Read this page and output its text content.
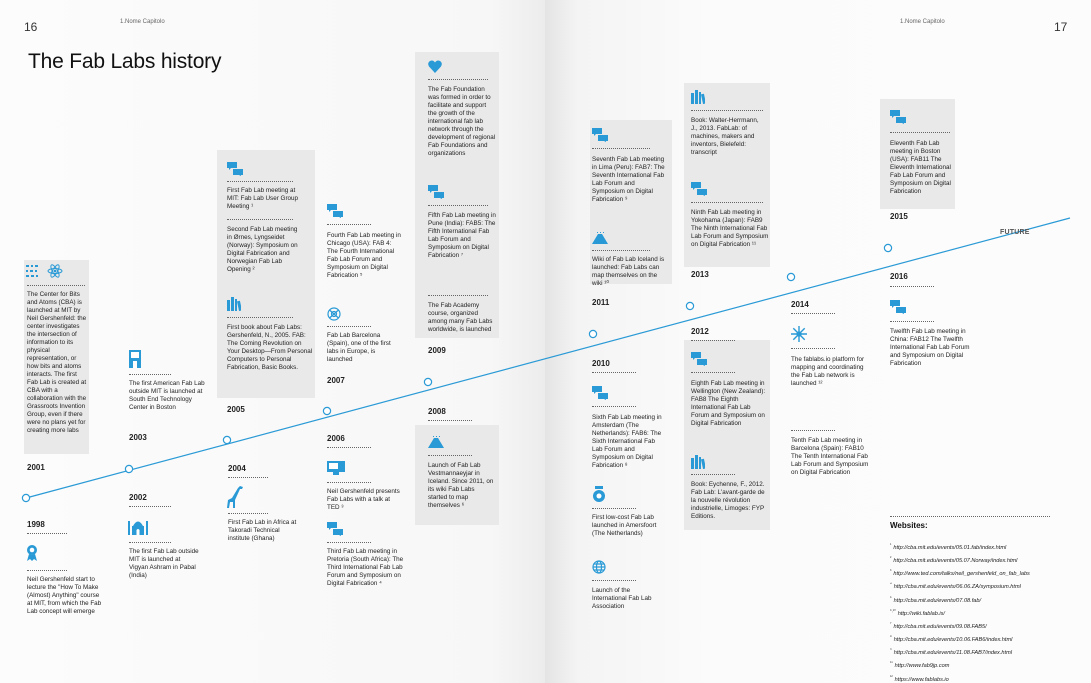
16	17
1.Nome Capitolo	1.Nome Capitolo
The Fab Labs history
FUTURE
1998
Neil Gershenfeld start to lecture the "How To Make (Almost) Anything" course at MIT, from which the Fab Lab concept will emerge
The Center for Bits and Atoms (CBA) is launched at MIT by Neil Gershenfeld: the center investigates the intersection of information to its physical representation, or how bits and atoms interacts. The first Fab Lab is created at CBA with a collaboration with the Grassroots Invention Group, even if there were no plans yet for creating more labs
2001
2002
The first Fab Lab outside MIT is launched at Vigyan Ashram in Pabal (India)
The first American Fab Lab outside MIT is launched at South End Technology Center in Boston
2003
2004
First Fab Lab in Africa at Takoradi Technical institute (Ghana)
First Fab Lab meeting at MIT: Fab Lab User Group Meeting ¹
Second Fab Lab meeting in Ørnes, Lyngseidet (Norway): Symposium on Digital Fabrication and Norwegian Fab Lab Opening ²
First book about Fab Labs: Gershenfeld, N., 2005. FAB: The Coming Revolution on Your Desktop—From Personal Computers to Personal Fabrication, Basic Books.
2005
2006
Neil Gershenfeld presents Fab Labs with a talk at TED ³
Third Fab Lab meeting in Pretoria (South Africa): The Third International Fab Lab Forum and Symposium on Digital Fabrication ⁴
Fourth Fab Lab meeting in Chicago (USA): FAB 4: The Fourth International Fab Lab Forum and Symposium on Digital Fabrication ⁵
Fab Lab Barcelona (Spain), one of the first labs in Europe, is launched
2007
2008
Launch of Fab Lab Vestmannaeyjar in Iceland. Since 2011, on its wiki Fab Labs started to map themselves ⁶
The Fab Foundation was formed in order to facilitate and support the growth of the international fab lab network through the development of regional Fab Foundations and organizations
Fifth Fab Lab meeting in Pune (India): FAB5: The Fifth International Fab Lab Forum and Symposium on Digital Fabrication ⁷
The Fab Academy course, organized among many Fab Labs worldwide, is launched
2009
2010
Sixth Fab Lab meeting in Amsterdam (The Netherlands): FAB6: The Sixth International Fab Lab Forum and Symposium on Digital Fabrication ⁸
First low-cost Fab Lab launched in Amersfoort (The Netherlands)
Launch of the International Fab Lab Association
Seventh Fab Lab meeting in Lima (Peru): FAB7: The Seventh International Fab Lab Forum and Symposium on Digital Fabrication ⁹
Wiki of Fab Lab Iceland is launched: Fab Labs can map themselves on the wiki ¹⁰
2011
2012
Eighth Fab Lab meeting in Wellington (New Zealand): FAB8 The Eighth International Fab Lab Forum and Symposium on Digital Fabrication
Book: Eychenne, F., 2012. Fab Lab: L'avant-garde de la nouvelle révolution industrielle, Limoges: FYP Editions.
Book: Walter-Herrmann, J., 2013. FabLab: of machines, makers and inventors, Bielefeld: transcript
Ninth Fab Lab meeting in Yokohama (Japan): FAB9 The Ninth International Fab Lab Forum and Symposium on Digital Fabrication ¹¹
2013
2014
The fablabs.io platform for mapping and coordinating the Fab Lab network is launched ¹²
Tenth Fab Lab meeting in Barcelona (Spain): FAB10 The Tenth International Fab Lab Forum and Symposium on Digital Fabrication
Eleventh Fab Lab meeting in Boston (USA): FAB11 The Eleventh International Fab Lab Forum and Symposium on Digital Fabrication
2015
2016
Twelfth Fab Lab meeting in China: FAB12 The Twelfth International Fab Lab Forum and Symposium on Digital Fabrication
Websites:
$^{^1}$http://cba.mit.edu/events/05.01.fab/index.html
$^{^2}$http://cba.mit.edu/events/05.07.Norway/index.html
$^{^3}$http://www.ted.com/talks/neil_gershenfeld_on_fab_labs
$^{^4}$http://cba.mit.edu/events/06.06.ZA/symposium.html
$^{^5}$http://cba.mit.edu/events/07.08.fab/
$^{^6,^{10}}$http://wiki.fablab.is/
$^{^7}$http://cba.mit.edu/events/09.08.FAB5/
$^{^8}$http://cba.mit.edu/events/10.06.FAB6/index.html
$^{^9}$http://cba.mit.edu/events/11.08.FAB7/index.html
$^{^{11}}$http://www.fab9jp.com
$^{^{12}}$https://www.fablabs.io
